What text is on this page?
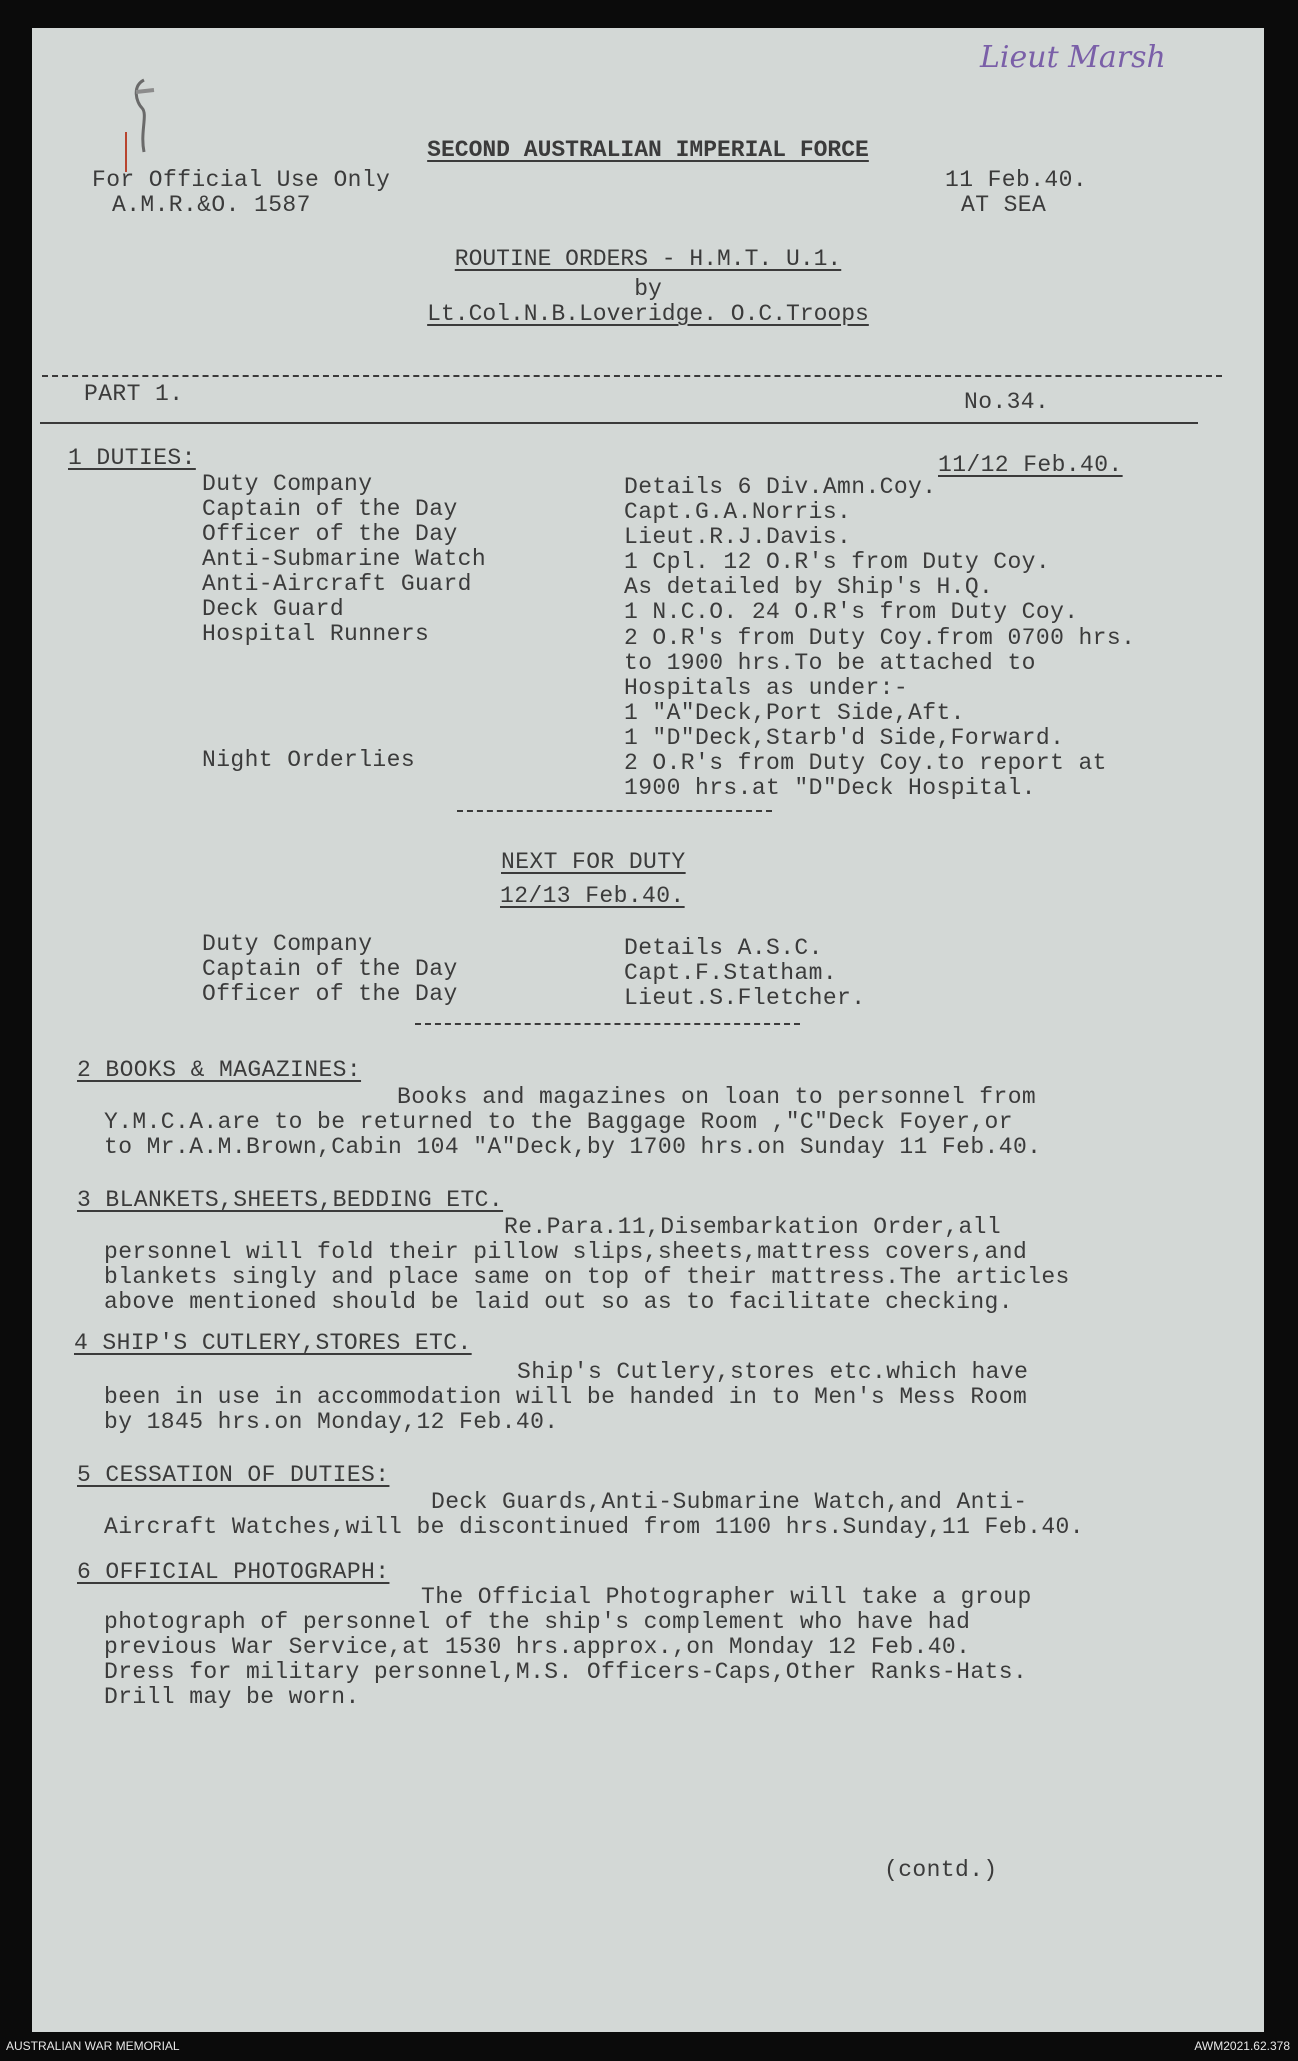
Lieut Marsh
SECOND AUSTRALIAN IMPERIAL FORCE
For Official Use Only
A.M.R.&O. 1587
11 Feb.40.
AT SEA
ROUTINE ORDERS - H.M.T. U.1.
by
Lt.Col.N.B.Loveridge. O.C.Troops
PART 1.	No.34.
1 DUTIES:	11/12 Feb.40.
Duty Company	Details 6 Div.Amn.Coy.
Captain of the Day	Capt.G.A.Norris.
Officer of the Day	Lieut.R.J.Davis.
Anti-Submarine Watch	1 Cpl. 12 O.R's from Duty Coy.
Anti-Aircraft Guard	As detailed by Ship's H.Q.
Deck Guard	1 N.C.O. 24 O.R's from Duty Coy.
Hospital Runners	2 O.R's from Duty Coy.from 0700 hrs.
to 1900 hrs.To be attached to
Hospitals as under:-
1 "A"Deck,Port Side,Aft.
1 "D"Deck,Starb'd Side,Forward.
Night Orderlies	2 O.R's from Duty Coy.to report at
1900 hrs.at "D"Deck Hospital.
NEXT FOR DUTY
12/13 Feb.40.
Duty Company	Details A.S.C.
Captain of the Day	Capt.F.Statham.
Officer of the Day	Lieut.S.Fletcher.
2 BOOKS & MAGAZINES:
Books and magazines on loan to personnel from
Y.M.C.A.are to be returned to the Baggage Room ,"C"Deck Foyer,or
to Mr.A.M.Brown,Cabin 104 "A"Deck,by 1700 hrs.on Sunday 11 Feb.40.
3 BLANKETS,SHEETS,BEDDING ETC.
Re.Para.11,Disembarkation Order,all
personnel will fold their pillow slips,sheets,mattress covers,and
blankets singly and place same on top of their mattress.The articles
above mentioned should be laid out so as to facilitate checking.
4 SHIP'S CUTLERY,STORES ETC.
Ship's Cutlery,stores etc.which have
been in use in accommodation will be handed in to Men's Mess Room
by 1845 hrs.on Monday,12 Feb.40.
5 CESSATION OF DUTIES:
Deck Guards,Anti-Submarine Watch,and Anti-
Aircraft Watches,will be discontinued from 1100 hrs.Sunday,11 Feb.40.
6 OFFICIAL PHOTOGRAPH:
The Official Photographer will take a group
photograph of personnel of the ship's complement who have had
previous War Service,at 1530 hrs.approx.,on Monday 12 Feb.40.
Dress for military personnel,M.S. Officers-Caps,Other Ranks-Hats.
Drill may be worn.
(contd.)
AUSTRALIAN WAR MEMORIAL	AWM2021.62.378
